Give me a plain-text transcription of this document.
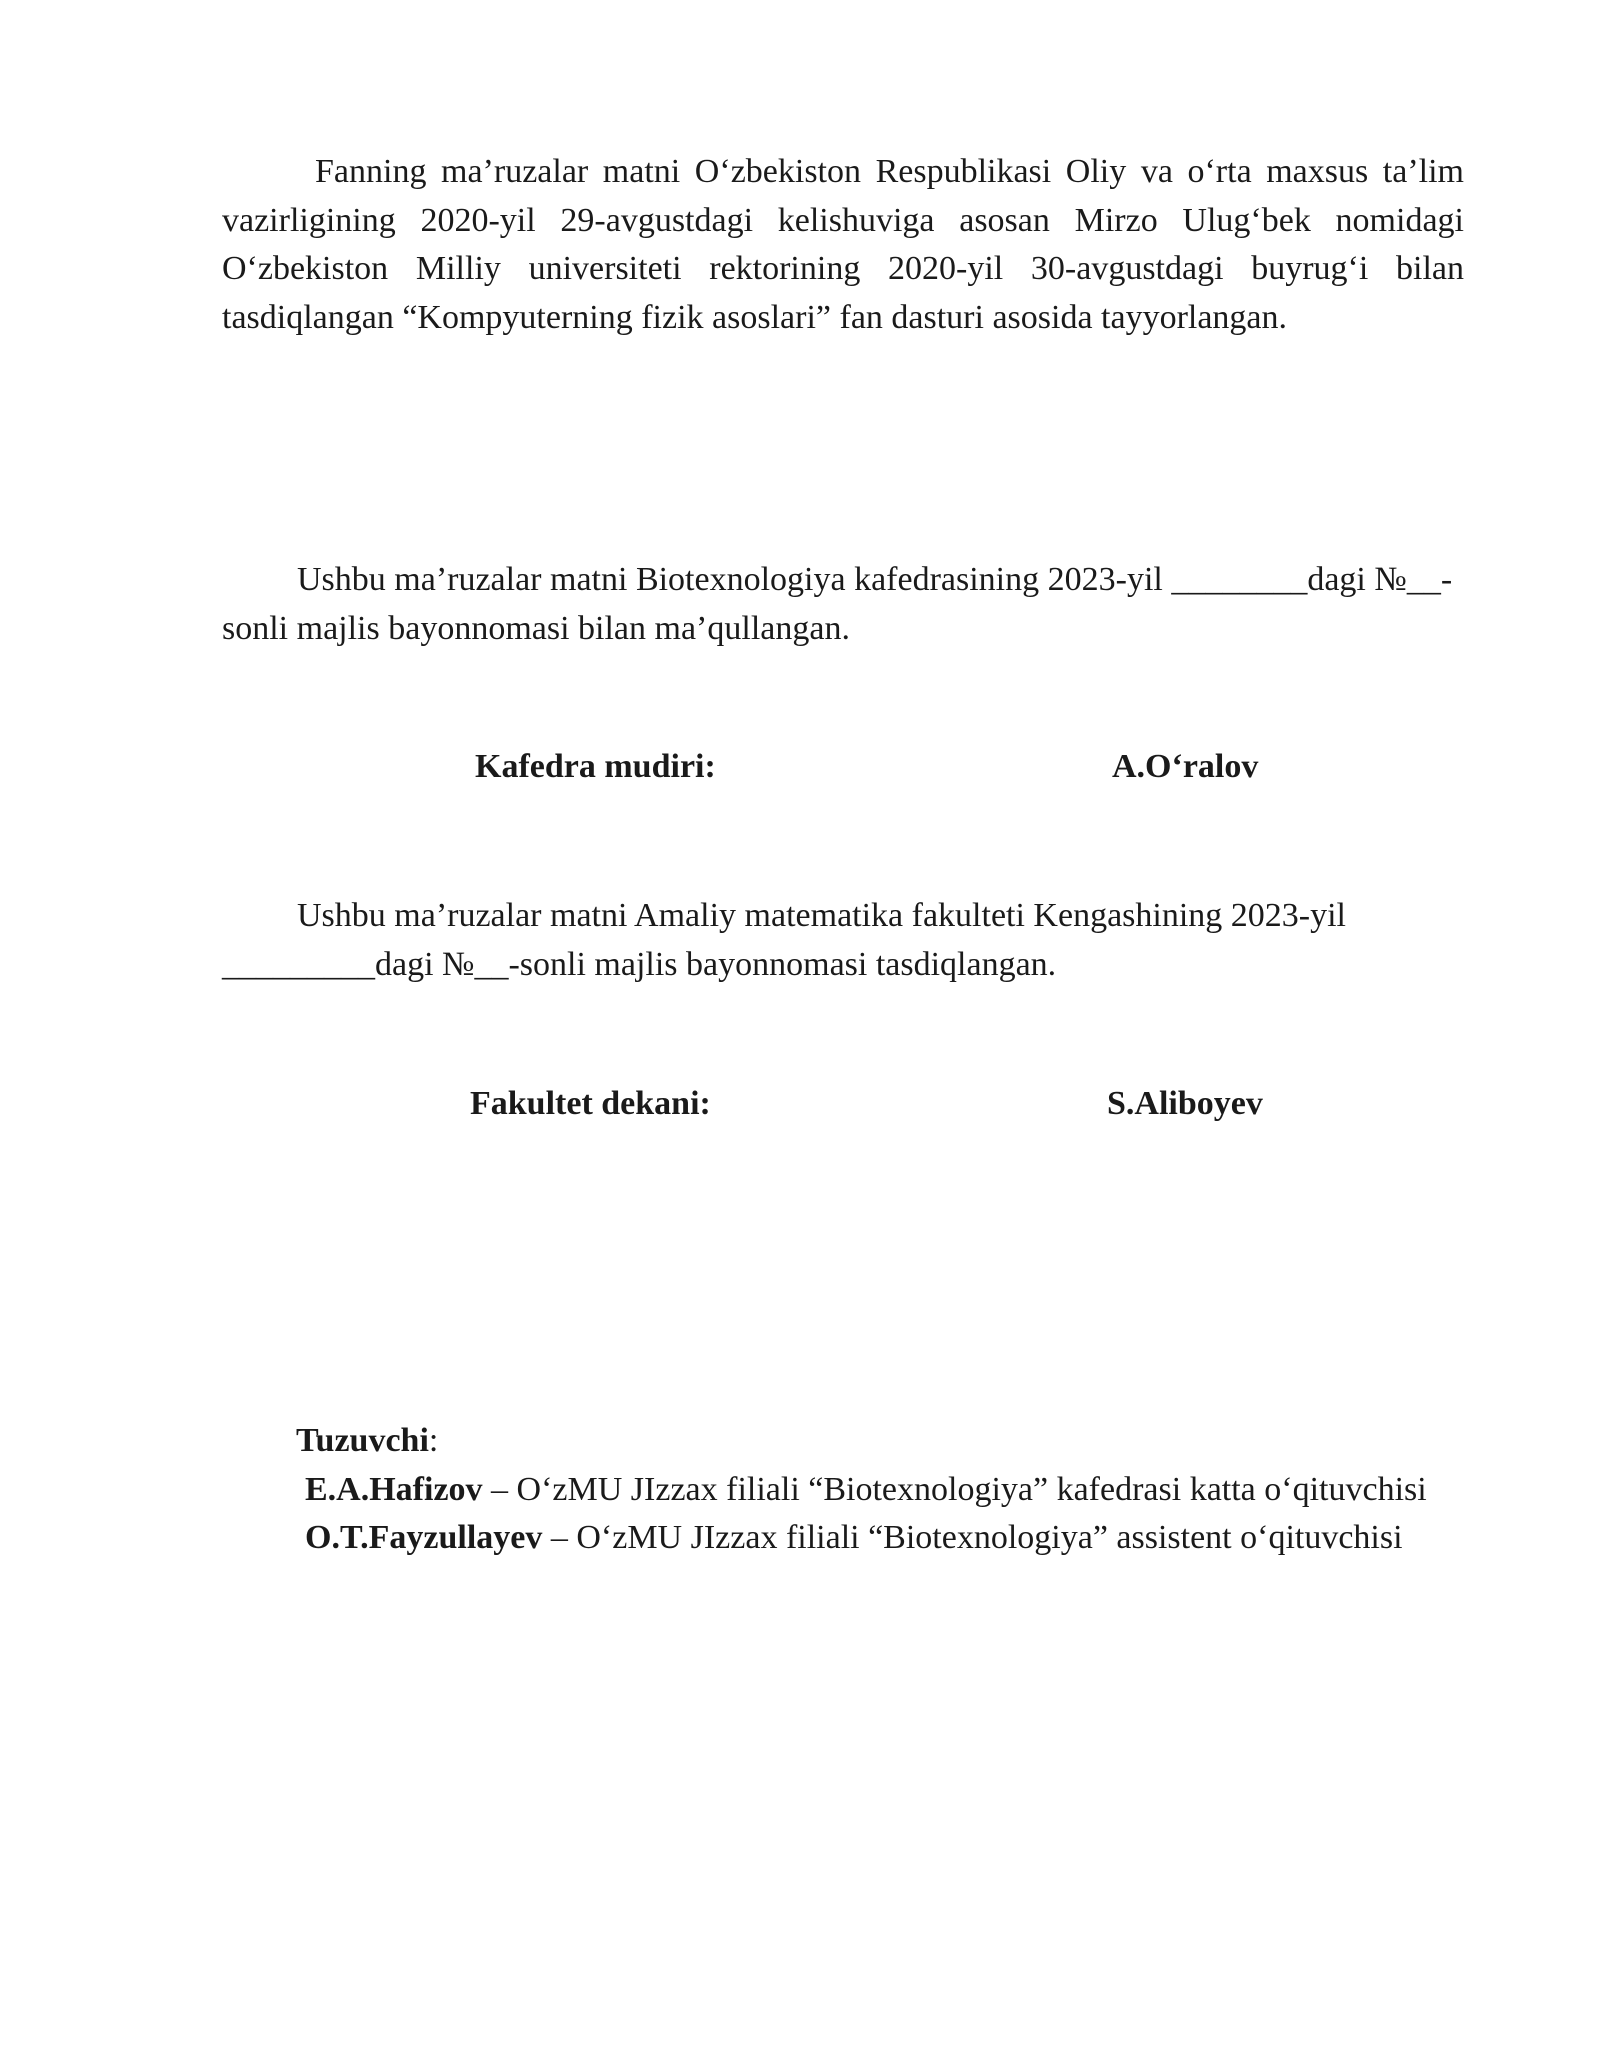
Fanning ma’ruzalar matni O‘zbekiston Respublikasi Oliy va o‘rta maxsus ta’lim vazirligining 2020-yil 29-avgustdagi kelishuviga asosan Mirzo Ulug‘bek nomidagi O‘zbekiston Milliy universiteti rektorining 2020-yil 30-avgustdagi buyrug‘i bilan tasdiqlangan “Kompyuterning fizik asoslari” fan dasturi asosida tayyorlangan.

Ushbu ma’ruzalar matni Biotexnologiya kafedrasining 2023-yil ________dagi №__-sonli majlis bayonnomasi bilan ma’qullangan.

Kafedra mudiri:	A.O‘ralov

Ushbu ma’ruzalar matni Amaliy matematika fakulteti Kengashining 2023-yil _________dagi №__-sonli majlis bayonnomasi tasdiqlangan.

Fakultet dekani:	S.Aliboyev

Tuzuvchi:

E.A.Hafizov – O‘zMU JIzzax filiali “Biotexnologiya” kafedrasi katta o‘qituvchisi

O.T.Fayzullayev – O‘zMU JIzzax filiali “Biotexnologiya” assistent o‘qituvchisi
